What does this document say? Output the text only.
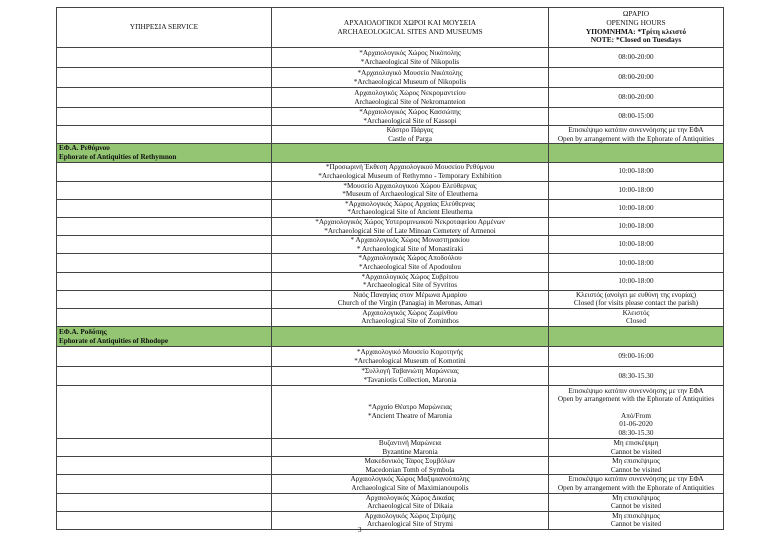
ΥΠΗΡΕΣΙΑ SERVICE	ΑΡΧΑΙΟΛΟΓΙΚΟΙ ΧΩΡΟΙ ΚΑΙ ΜΟΥΣΕΙΑ
ARCHAEOLOGICAL SITES AND MUSEUMS	ΩΡΑΡΙΟ
OPENING HOURS
ΥΠΟΜΝΗΜΑ: *Τρίτη κλειστό
NOTE: *Closed on Tuesdays

	*Αρχαιολογικός Χώρος Νικόπολης
*Archaeological Site of Nikopolis	08:00-20:00

	*Αρχαιολογικό Μουσείο Νικόπολης
*Archaeological Museum of Nikopolis	08:00-20:00

	Αρχαιολογικός Χώρος Νεκρομαντείου
Archaeological Site of Nekromanteion	08:00-20:00

	*Αρχαιολογικός Χώρος Κασσώπης
*Archaeological Site of Kassopi	08:00-15:00

	Κάστρο Πάργας
Castle of Parga	Επισκέψιμο κατόπιν συνεννόησης με την ΕΦΑ
Open by arrangement with the Ephorate of Antiquities

ΕΦ.Α. Ρεθύμνου
Ephorate of Antiquities of Rethymnon		

	*Προσωρινή Έκθεση Αρχαιολογικού Μουσείου Ρεθύμνου
*Archaeological Museum of Rethymno - Temporary Exhibition	10:00-18:00

	*Μουσείο Αρχαιολογικού Χώρου Ελεύθερνας
*Museum of Archaeological Site of Eleutherna	10:00-18:00

	*Αρχαιολογικός Χώρος Αρχαίας Ελεύθερνας
*Archaeological Site of Ancient Eleutherna	10:00-18:00

	*Αρχαιολογικός Χώρος Υστερομινωικού Νεκροταφείου Αρμένων
*Archaeological Site of Late Minoan Cemetery of Armenoi	10:00-18:00

	* Αρχαιολογικός Χώρος Μοναστηρακίου
* Archaeological Site of Monastiraki	10:00-18:00

	*Αρχαιολογικός Χώρος Αποδούλου
*Archaeological Site of Apodoulou	10:00-18:00

	*Αρχαιολογικός Χώρος Συβρίτου
*Archaeological Site of Syvritos	10:00-18:00

	Ναός Παναγίας στον Μέρωνα Αμαρίου
Church of the Virgin (Panagia) in Meronas, Amari	Κλειστός (ανοίγει με ευθύνη της ενορίας)
Closed (for visits please contact the parish)

	Αρχαιολογικός Χώρος Ζωμίνθου
Archaeological Site of Zominthos	Κλειστός
Closed

ΕΦ.Α. Ροδόπης
Ephorate of Antiquities of Rhodope		

	*Αρχαιολογικό Μουσείο Κομοτηνής
*Archaeological Museum of Komotini	09:00-16:00

	*Συλλογή Ταβανιώτη Μαρώνειας
*Tavaniotis Collection, Maronia	08:30-15.30

	*Αρχαίο Θέατρο Μαρώνειας
*Ancient Theatre of Maronia	Επισκέψιμο κατόπιν συνεννόησης με την ΕΦΑ
Open by arrangement with the Ephorate of Antiquities
Από/From
01-06-2020
08:30-15.30

	Βυζαντινή Μαρώνεια
Byzantine Maronia	Μη επισκέψιμη
Cannot be visited

	Μακεδονικός Τάφος Συμβόλων
Macedonian Tomb of Symbola	Μη επισκέψιμος
Cannot be visited

	Αρχαιολογικός Χώρος Μαξιμιανούπολης
Archaeological Site of Maximianoupolis	Επισκέψιμο κατόπιν συνεννόησης με την ΕΦΑ
Open by arrangement with the Ephorate of Antiquities

	Αρχαιολογικός Χώρος Δικαίας
Archaeological Site of Dikaia	Μη επισκέψιμος
Cannot be visited

	Αρχαιολογικός Χώρος Στρύμης
Archaeological Site of Strymi	Μη επισκέψιμος
Cannot be visited
3
